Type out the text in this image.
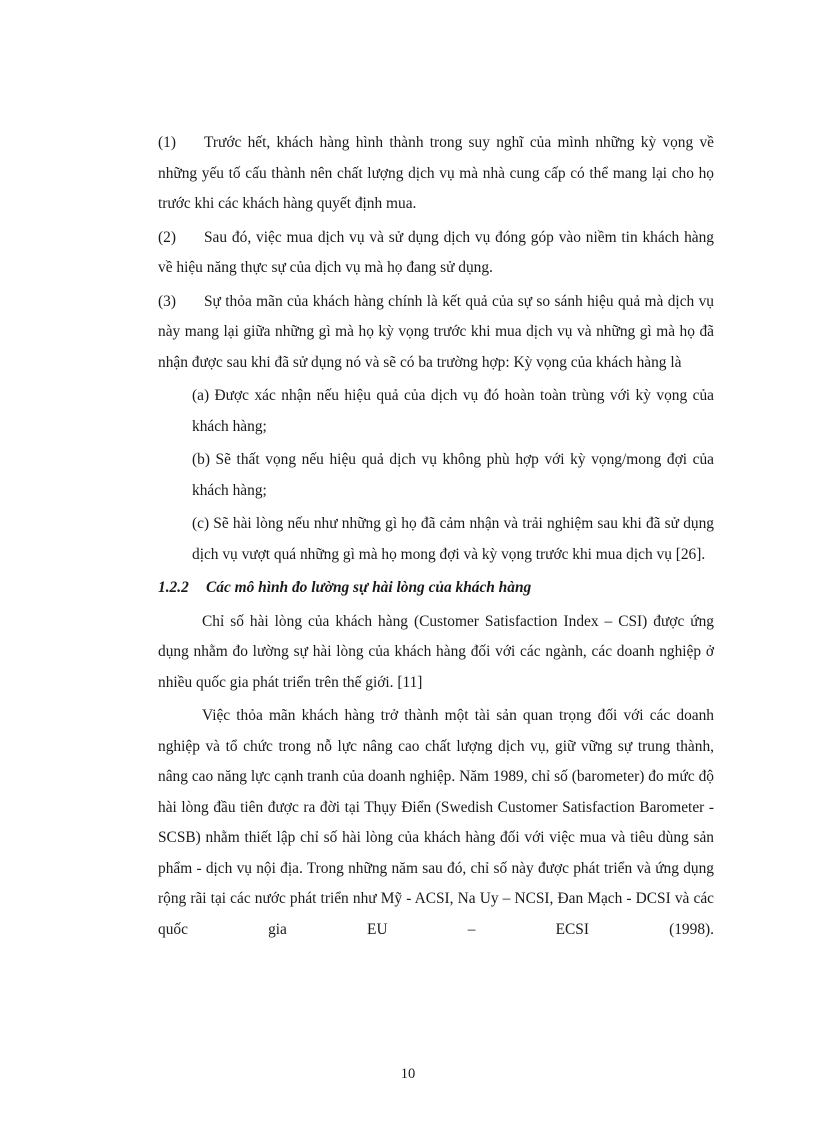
(1) Trước hết, khách hàng hình thành trong suy nghĩ của mình những kỳ vọng về những yếu tố cấu thành nên chất lượng dịch vụ mà nhà cung cấp có thể mang lại cho họ trước khi các khách hàng quyết định mua.

(2) Sau đó, việc mua dịch vụ và sử dụng dịch vụ đóng góp vào niềm tin khách hàng về hiệu năng thực sự của dịch vụ mà họ đang sử dụng.

(3) Sự thỏa mãn của khách hàng chính là kết quả của sự so sánh hiệu quả mà dịch vụ này mang lại giữa những gì mà họ kỳ vọng trước khi mua dịch vụ và những gì mà họ đã nhận được sau khi đã sử dụng nó và sẽ có ba trường hợp: Kỳ vọng của khách hàng là

(a) Được xác nhận nếu hiệu quả của dịch vụ đó hoàn toàn trùng với kỳ vọng của khách hàng;

(b) Sẽ thất vọng nếu hiệu quả dịch vụ không phù hợp với kỳ vọng/mong đợi của khách hàng;

(c) Sẽ hài lòng nếu như những gì họ đã cảm nhận và trải nghiệm sau khi đã sử dụng dịch vụ vượt quá những gì mà họ mong đợi và kỳ vọng trước khi mua dịch vụ [26].

1.2.2 Các mô hình đo lường sự hài lòng của khách hàng

Chỉ số hài lòng của khách hàng (Customer Satisfaction Index – CSI) được ứng dụng nhằm đo lường sự hài lòng của khách hàng đối với các ngành, các doanh nghiệp ở nhiều quốc gia phát triển trên thế giới. [11]

Việc thỏa mãn khách hàng trở thành một tài sản quan trọng đối với các doanh nghiệp và tổ chức trong nỗ lực nâng cao chất lượng dịch vụ, giữ vững sự trung thành, nâng cao năng lực cạnh tranh của doanh nghiệp. Năm 1989, chỉ số (barometer) đo mức độ hài lòng đầu tiên được ra đời tại Thụy Điển (Swedish Customer Satisfaction Barometer - SCSB) nhằm thiết lập chỉ số hài lòng của khách hàng đối với việc mua và tiêu dùng sản phẩm - dịch vụ nội địa. Trong những năm sau đó, chỉ số này được phát triển và ứng dụng rộng rãi tại các nước phát triển như Mỹ - ACSI, Na Uy – NCSI, Đan Mạch - DCSI và các quốc gia EU – ECSI (1998).

10
